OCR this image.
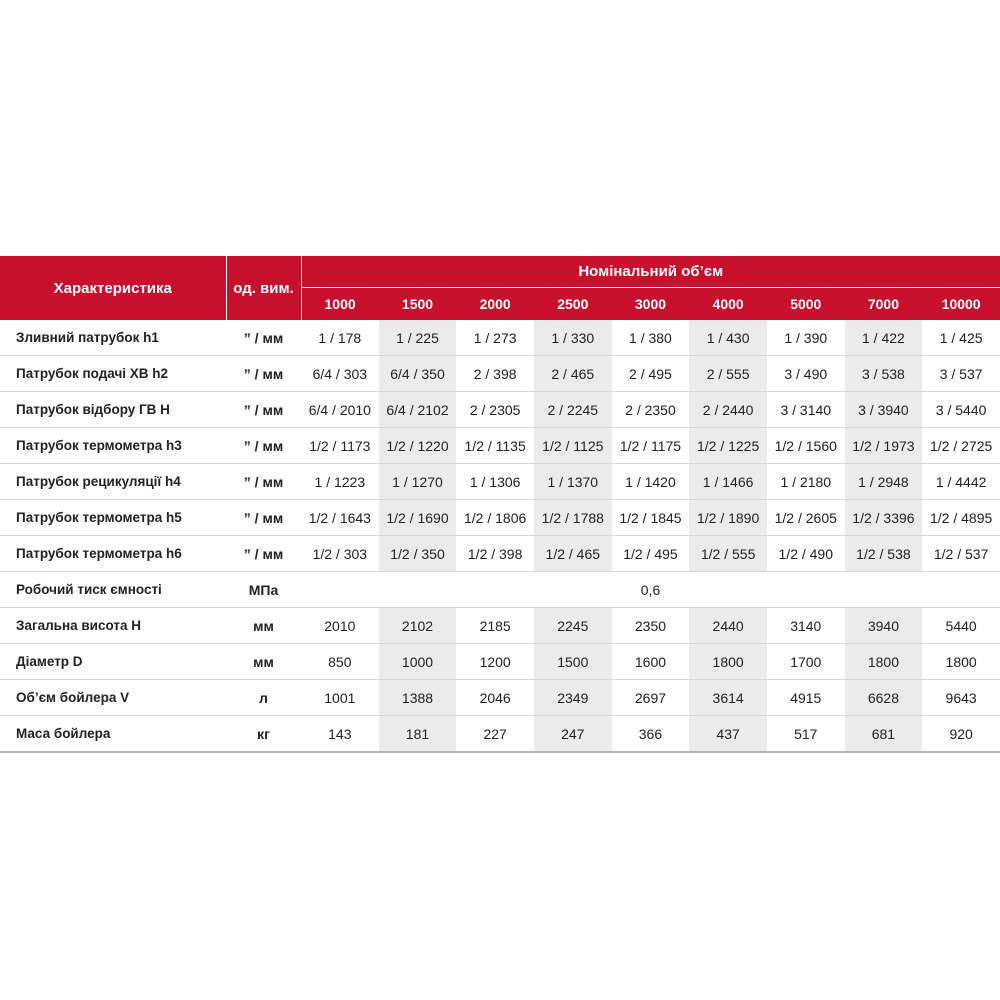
Характеристика	од. вим.	Номінальний об’єм								
		1000	1500	2000	2500	3000	4000	5000	7000	10000
Зливний патрубок h1	” / мм	1 / 178	1 / 225	1 / 273	1 / 330	1 / 380	1 / 430	1 / 390	1 / 422	1 / 425
Патрубок подачі ХВ h2	” / мм	6/4 / 303	6/4 / 350	2 / 398	2 / 465	2 / 495	2 / 555	3 / 490	3 / 538	3 / 537
Патрубок відбору ГВ H	” / мм	6/4 / 2010	6/4 / 2102	2 / 2305	2 / 2245	2 / 2350	2 / 2440	3 / 3140	3 / 3940	3 / 5440
Патрубок термометра h3	” / мм	1/2 / 1173	1/2 / 1220	1/2 / 1135	1/2 / 1125	1/2 / 1175	1/2 / 1225	1/2 / 1560	1/2 / 1973	1/2 / 2725
Патрубок рецикуляції h4	” / мм	1 / 1223	1 / 1270	1 / 1306	1 / 1370	1 / 1420	1 / 1466	1 / 2180	1 / 2948	1 / 4442
Патрубок термометра h5	” / мм	1/2 / 1643	1/2 / 1690	1/2 / 1806	1/2 / 1788	1/2 / 1845	1/2 / 1890	1/2 / 2605	1/2 / 3396	1/2 / 4895
Патрубок термометра h6	” / мм	1/2 / 303	1/2 / 350	1/2 / 398	1/2 / 465	1/2 / 495	1/2 / 555	1/2 / 490	1/2 / 538	1/2 / 537
Робочий тиск ємності	МПа	0,6								
Загальна висота H	мм	2010	2102	2185	2245	2350	2440	3140	3940	5440
Діаметр D	мм	850	1000	1200	1500	1600	1800	1700	1800	1800
Об’єм бойлера V	л	1001	1388	2046	2349	2697	3614	4915	6628	9643
Маса бойлера	кг	143	181	227	247	366	437	517	681	920
